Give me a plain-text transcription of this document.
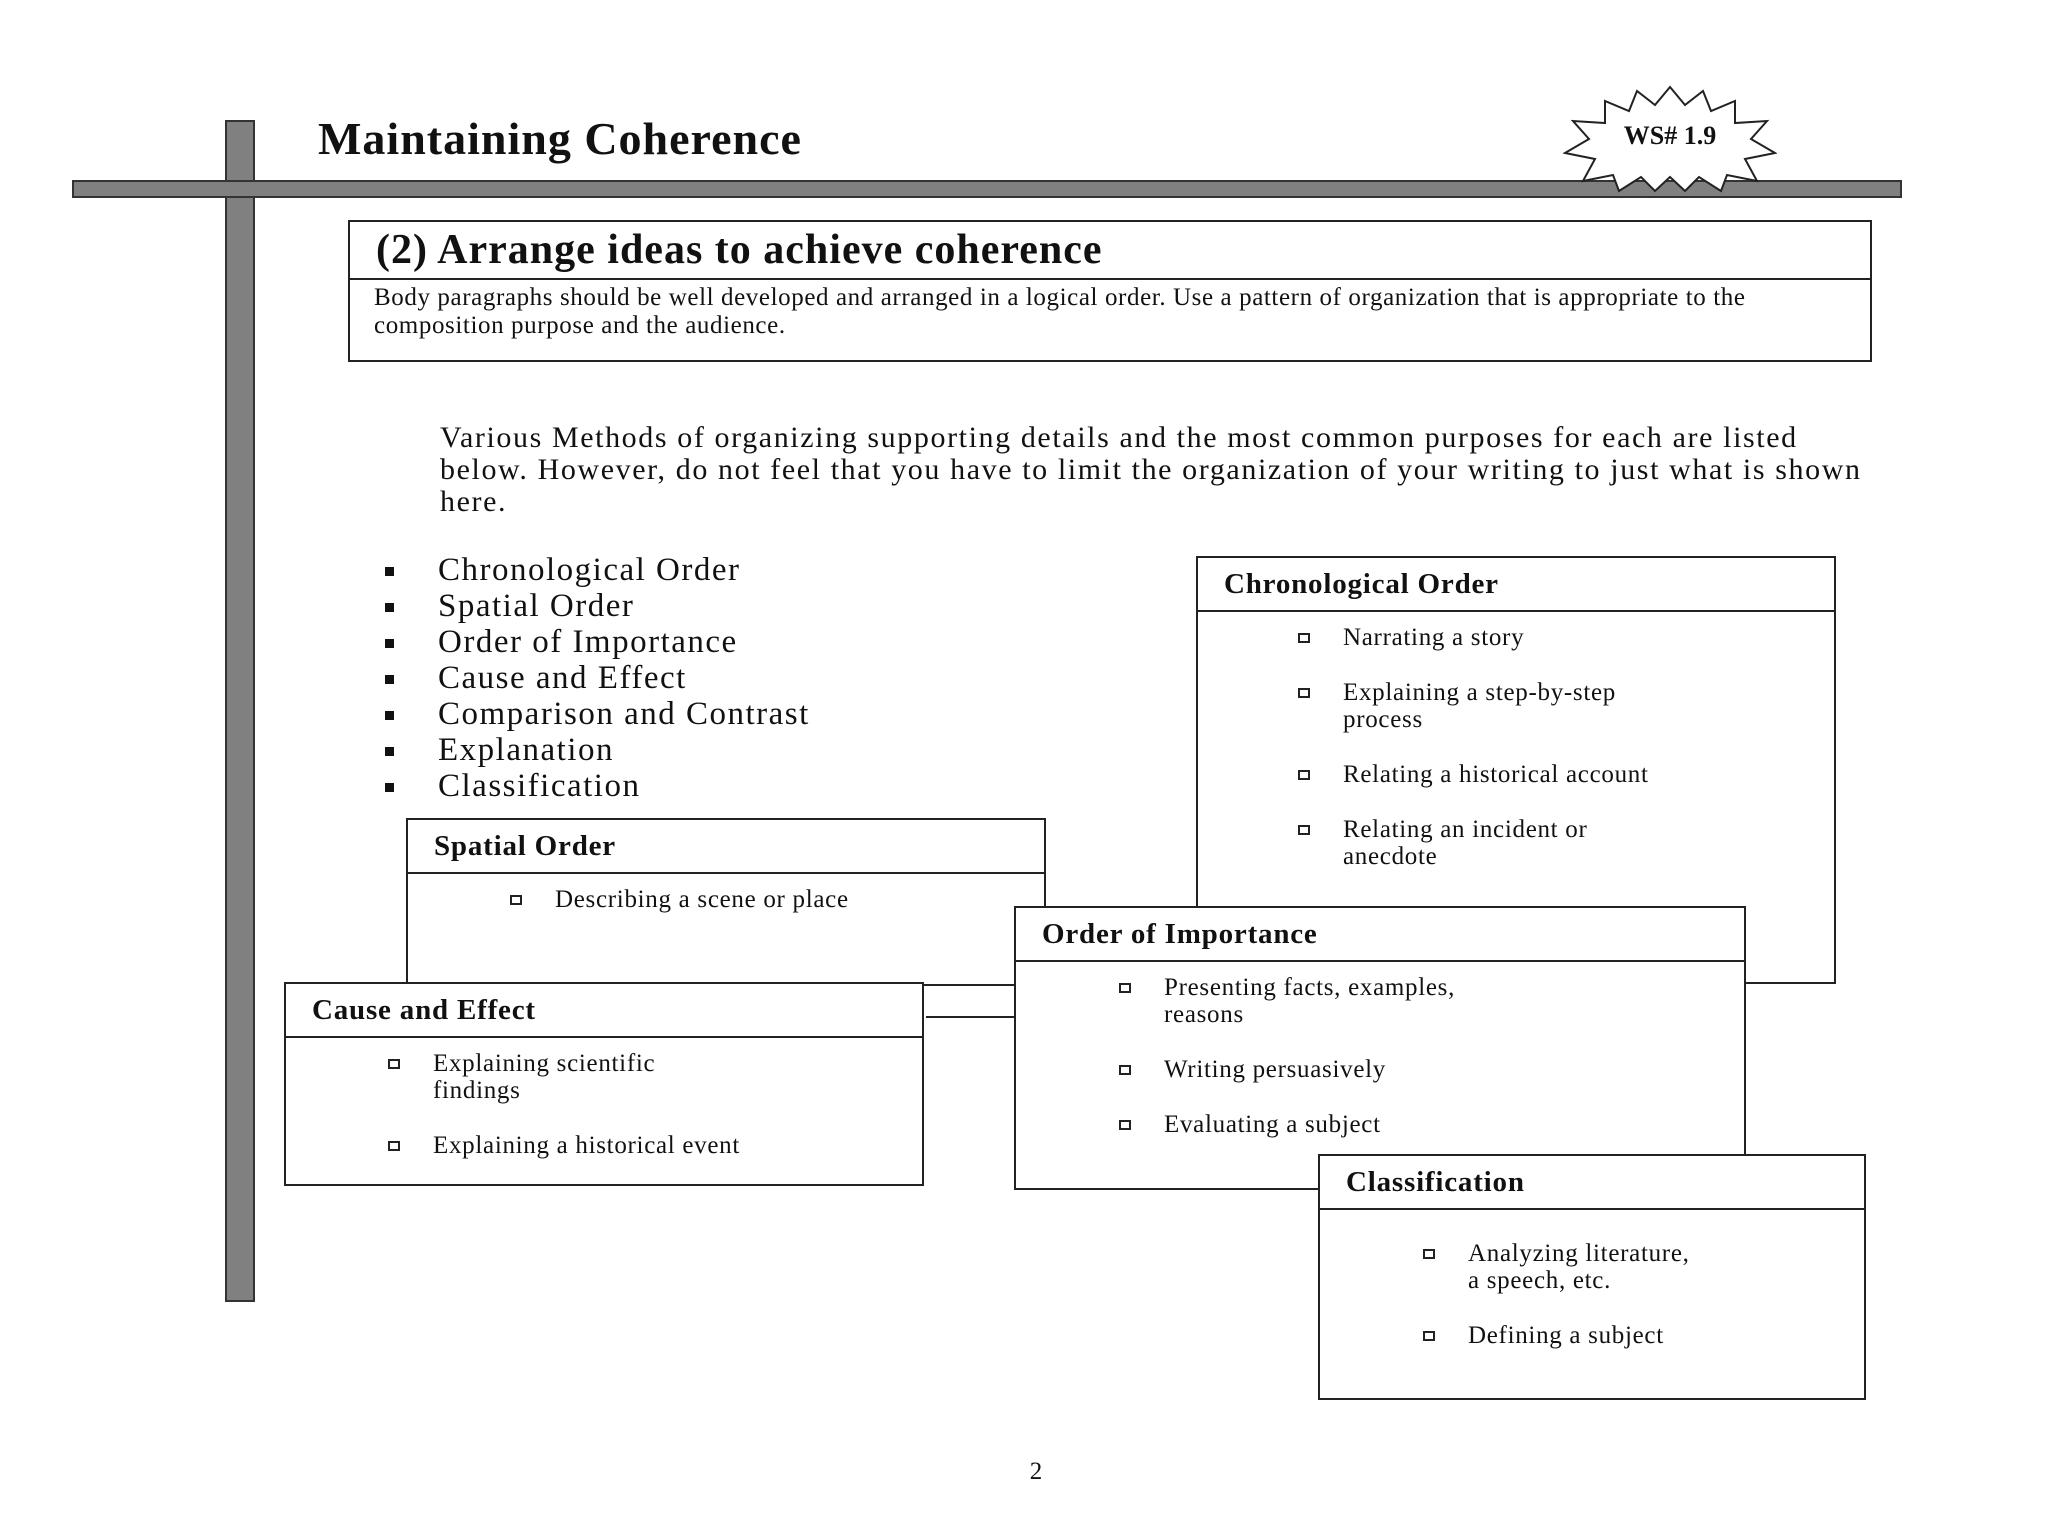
Maintaining Coherence	WS# 1.9
(2) Arrange ideas to achieve coherence
Body paragraphs should be well developed and arranged in a logical order. Use a pattern of organization that is appropriate to the composition purpose and the audience.
Various Methods of organizing supporting details and the most common purposes for each are listed below. However, do not feel that you have to limit the organization of your writing to just what is shown here.
Chronological Order
Spatial Order
Order of Importance
Cause and Effect
Comparison and Contrast
Explanation
Classification
Chronological Order
Narrating a story
Explaining a step-by-step
process
Relating a historical account
Relating an incident or
anecdote
Spatial Order
Describing a scene or place
Order of Importance
Presenting facts, examples,
reasons
Writing persuasively
Evaluating a subject
Cause and Effect
Explaining scientific
findings
Explaining a historical event
Classification
Analyzing literature,
a speech, etc.
Defining a subject
2
